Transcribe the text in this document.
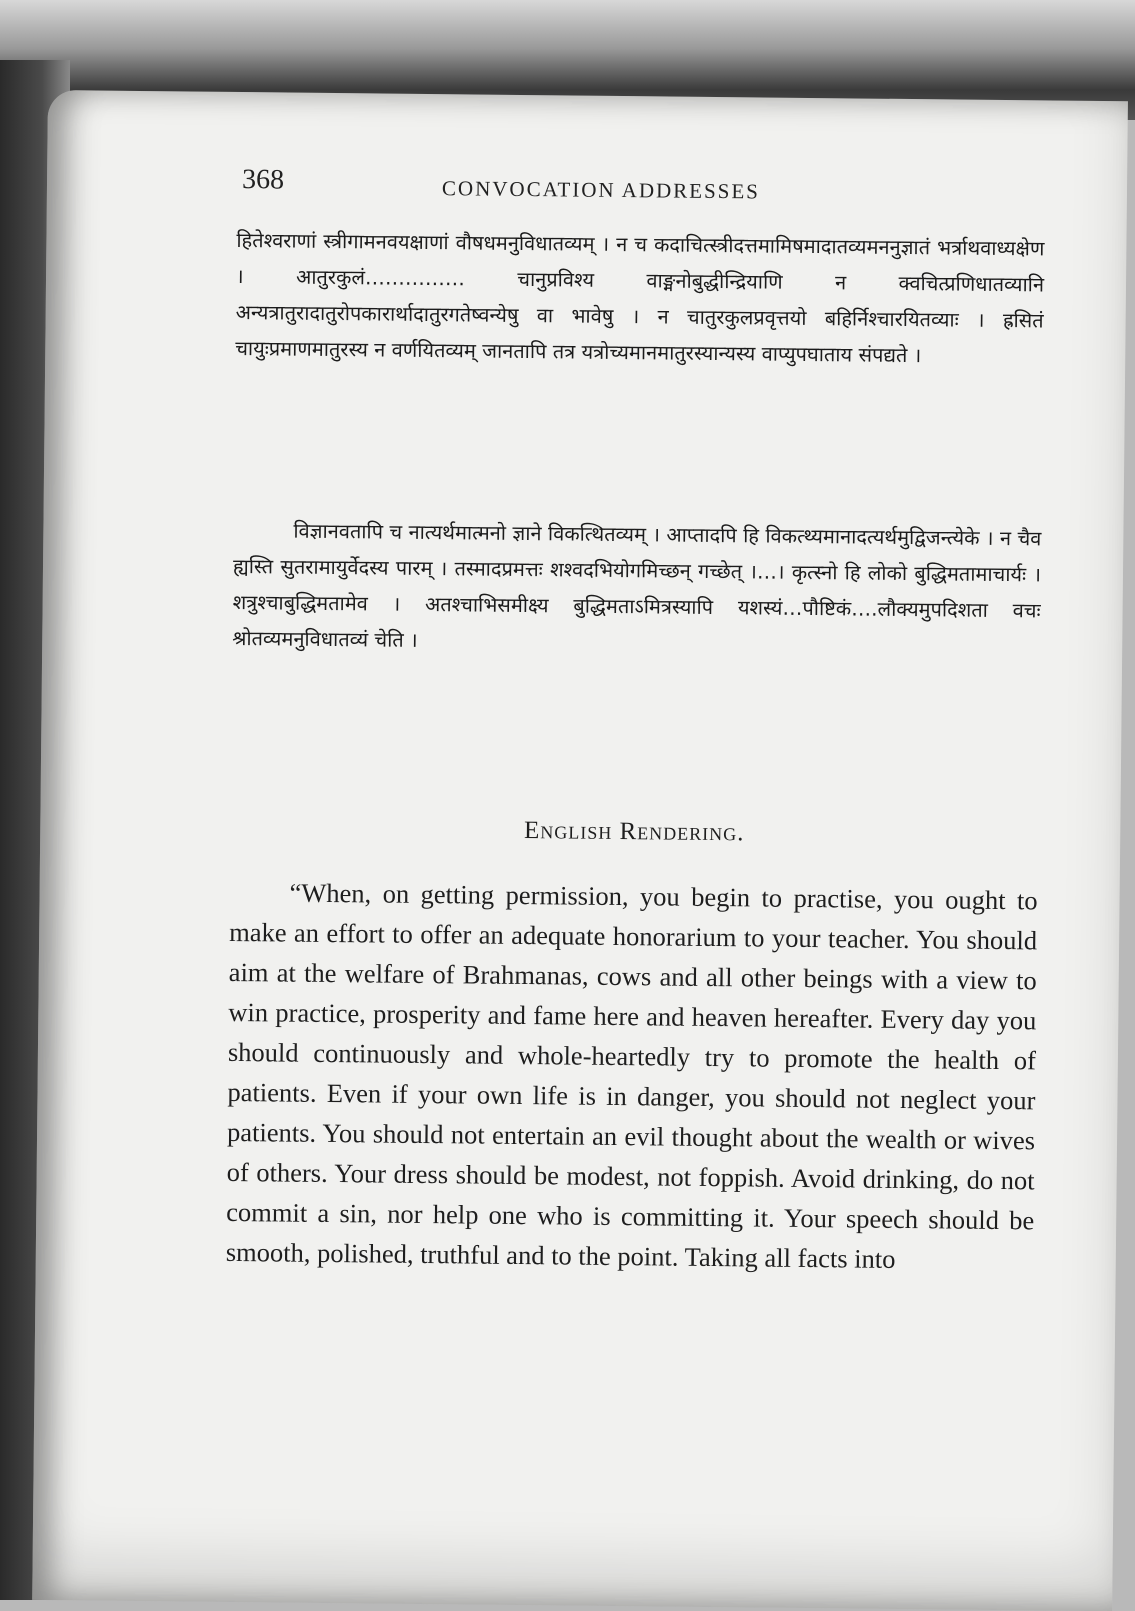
368	CONVOCATION ADDRESSES

हितेश्वराणां स्त्रीगामनवयक्षाणां वौषधमनुविधातव्यम् । न च कदाचित्स्त्रीदत्तमामिषमादातव्यमननुज्ञातं भर्त्राथवाध्यक्षेण । आतुरकुलं…………… चानुप्रविश्य वाङ्मनोबुद्धीन्द्रियाणि न क्वचित्प्रणिधातव्यानि अन्यत्रातुरादातुरोपकारार्थादातुरगतेष्वन्येषु वा भावेषु । न चातुरकुलप्रवृत्तयो बहिर्निश्चारयितव्याः । ह्रसितं चायुःप्रमाणमातुरस्य न वर्णयितव्यम् जानतापि तत्र यत्रोच्यमानमातुरस्यान्यस्य वाप्युपघाताय संपद्यते ।

विज्ञानवतापि च नात्यर्थमात्मनो ज्ञाने विकत्थितव्यम् । आप्तादपि हि विकत्थ्यमानादत्यर्थमुद्विजन्त्येके । न चैव ह्यस्ति सुतरामायुर्वेदस्य पारम् । तस्मादप्रमत्तः शश्वदभियोगमिच्छन् गच्छेत् ।…। कृत्स्नो हि लोको बुद्धिमतामाचार्यः । शत्रुश्चाबुद्धिमतामेव । अतश्चाभिसमीक्ष्य बुद्धिमताऽमित्रस्यापि यशस्यं…पौष्टिकं….लौक्यमुपदिशता वचः श्रोतव्यमनुविधातव्यं चेति ।

English Rendering.

“When, on getting permission, you begin to practise, you ought to make an effort to offer an adequate honorarium to your teacher. You should aim at the welfare of Brahmanas, cows and all other beings with a view to win practice, prosperity and fame here and heaven hereafter. Every day you should continuously and whole-heartedly try to promote the health of patients. Even if your own life is in danger, you should not neglect your patients. You should not entertain an evil thought about the wealth or wives of others. Your dress should be modest, not foppish. Avoid drinking, do not commit a sin, nor help one who is committing it. Your speech should be smooth, polished, truthful and to the point. Taking all facts into
